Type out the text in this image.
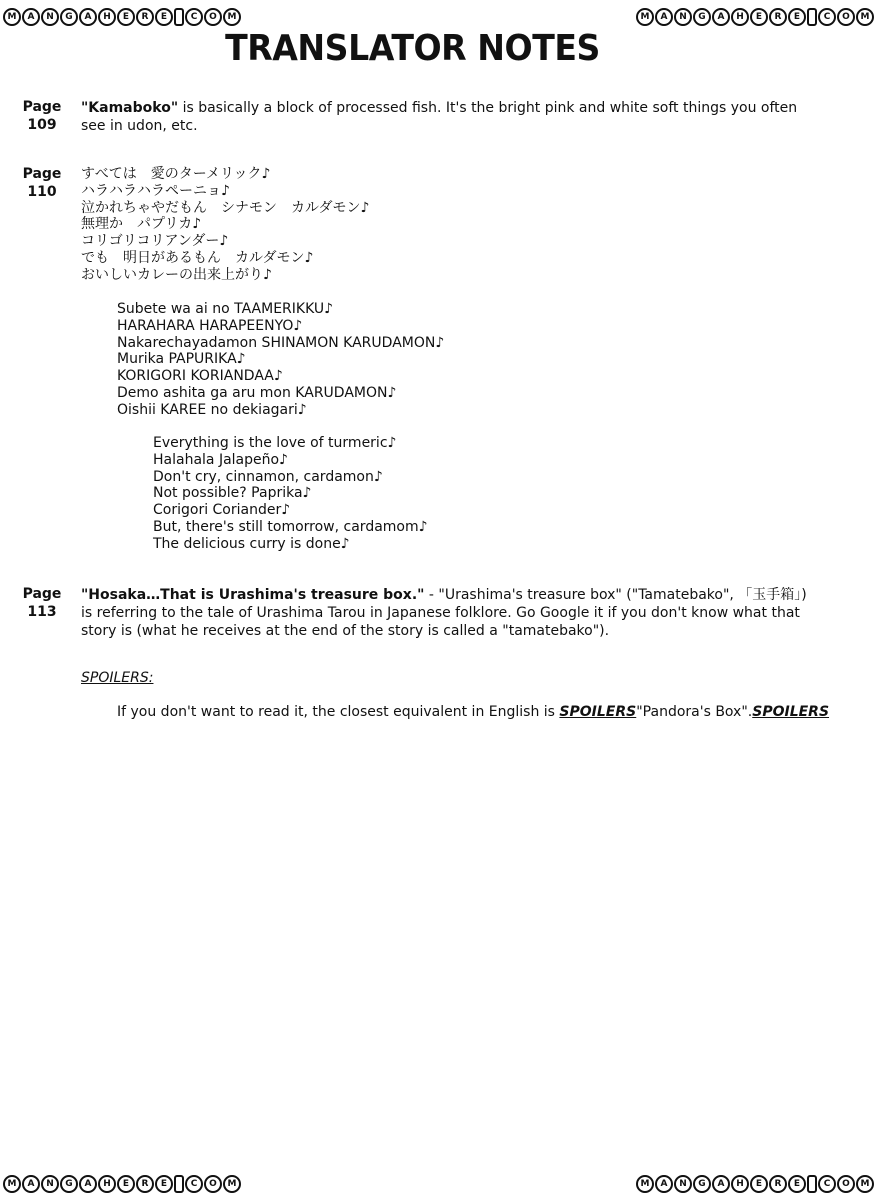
M	A	N	G	A	H	E	R	E	C	O	M	M	A	N	G	A	H	E	R	E	C	O	M
M	A	N	G	A	H	E	R	E	C	O	M	M	A	N	G	A	H	E	R	E	C	O	M
TRANSLATOR NOTES
Page
109
"Kamaboko" is basically a block of processed fish. It's the bright pink and white soft things you often see in udon, etc.
Page
110
すべては　愛のターメリック♪
ハラハラハラペーニョ♪
泣かれちゃやだもん　シナモン　カルダモン♪
無理か　パプリカ♪
コリゴリコリアンダー♪
でも　明日があるもん　カルダモン♪
おいしいカレーの出来上がり♪
Subete wa ai no TAAMERIKKU♪
HARAHARA HARAPEENYO♪
Nakarechayadamon SHINAMON KARUDAMON♪
Murika PAPURIKA♪
KORIGORI KORIANDAA♪
Demo ashita ga aru mon KARUDAMON♪
Oishii KAREE no dekiagari♪
Everything is the love of turmeric♪
Halahala Jalapeño♪
Don't cry, cinnamon, cardamon♪
Not possible? Paprika♪
Corigori Coriander♪
But, there's still tomorrow, cardamom♪
The delicious curry is done♪
Page
113
"Hosaka…That is Urashima's treasure box." - "Urashima's treasure box" ("Tamatebako", 「玉手箱」) is referring to the tale of Urashima Tarou in Japanese folklore. Go Google it if you don't know what that story is (what he receives at the end of the story is called a "tamatebako").
SPOILERS:
If you don't want to read it, the closest equivalent in English is SPOILERS"Pandora's Box".SPOILERS
